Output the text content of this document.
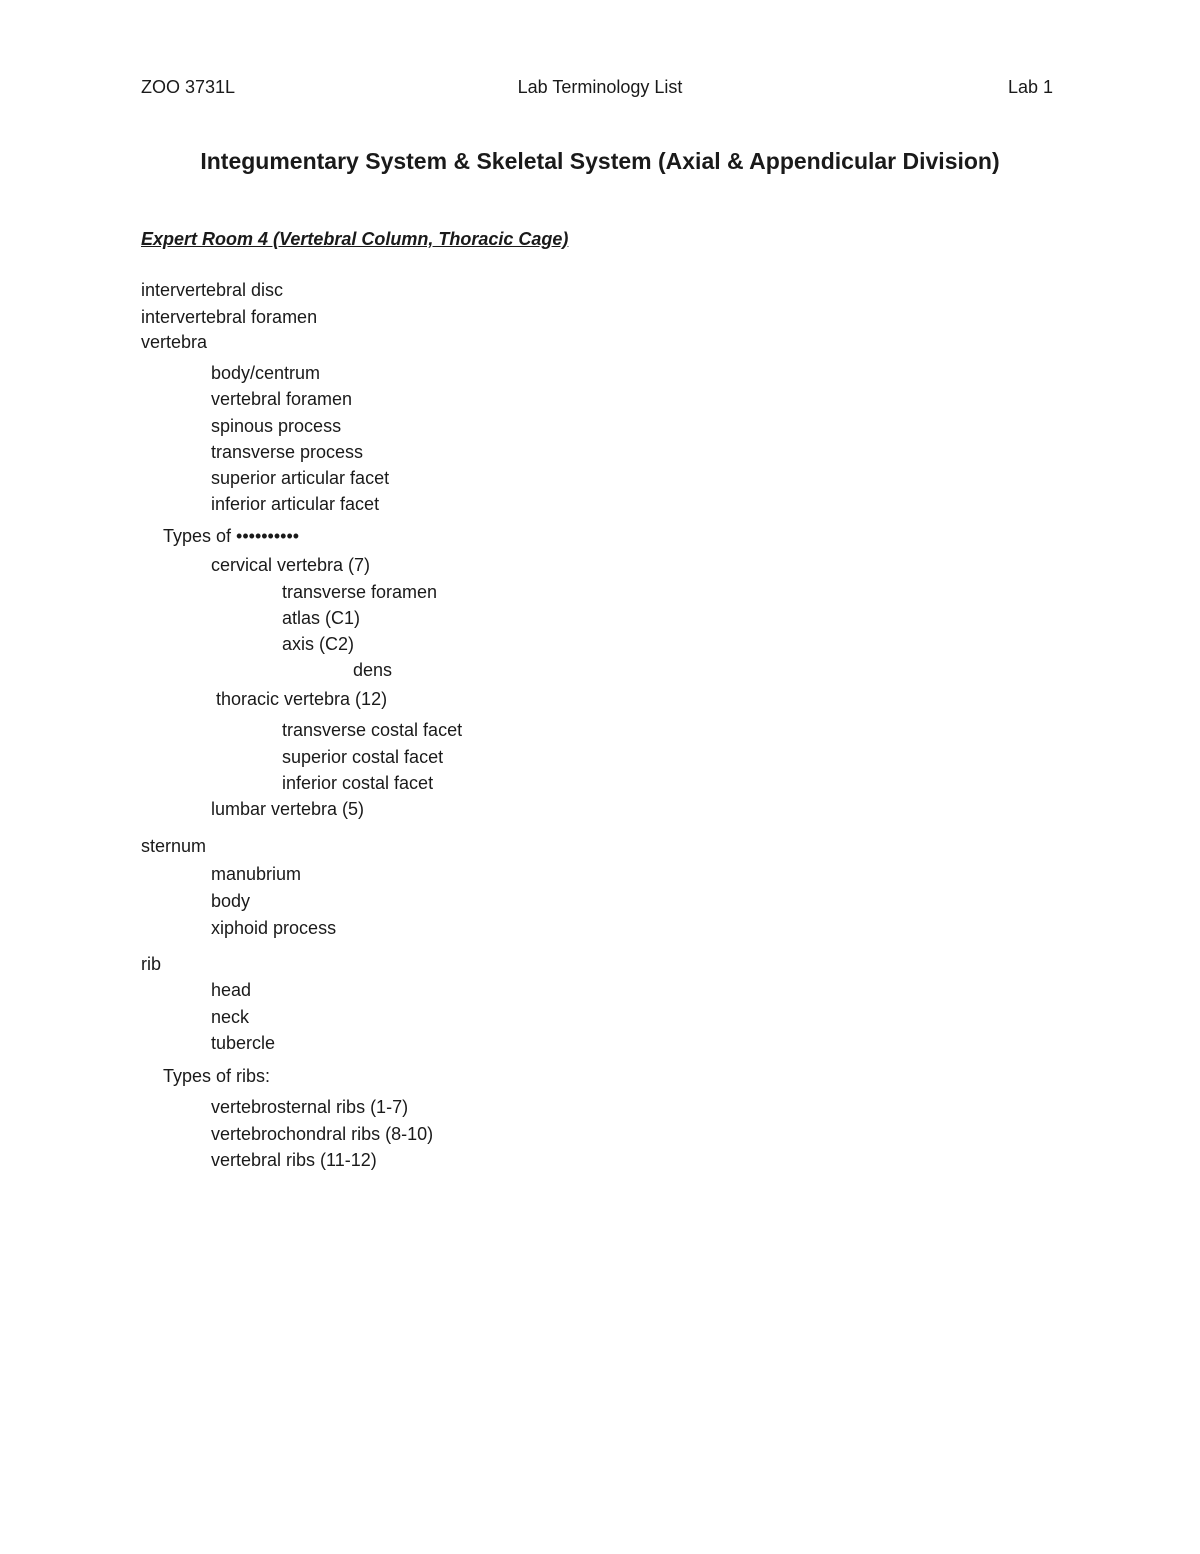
Lab Terminology List
ZOO 3731L	Lab 1
Integumentary System & Skeletal System (Axial & Appendicular Division)
Expert Room 4 (Vertebral Column, Thoracic Cage)
intervertebral disc
intervertebral foramen
vertebra
body/centrum
vertebral foramen
spinous process
transverse process
superior articular facet
inferior articular facet
Types of ••••••••••
cervical vertebra (7)
transverse foramen
atlas (C1)
axis (C2)
dens
thoracic vertebra (12)
transverse costal facet
superior costal facet
inferior costal facet
lumbar vertebra (5)
sternum
manubrium
body
xiphoid process
rib
head
neck
tubercle
Types of ribs:
vertebrosternal ribs (1-7)
vertebrochondral ribs (8-10)
vertebral ribs (11-12)
